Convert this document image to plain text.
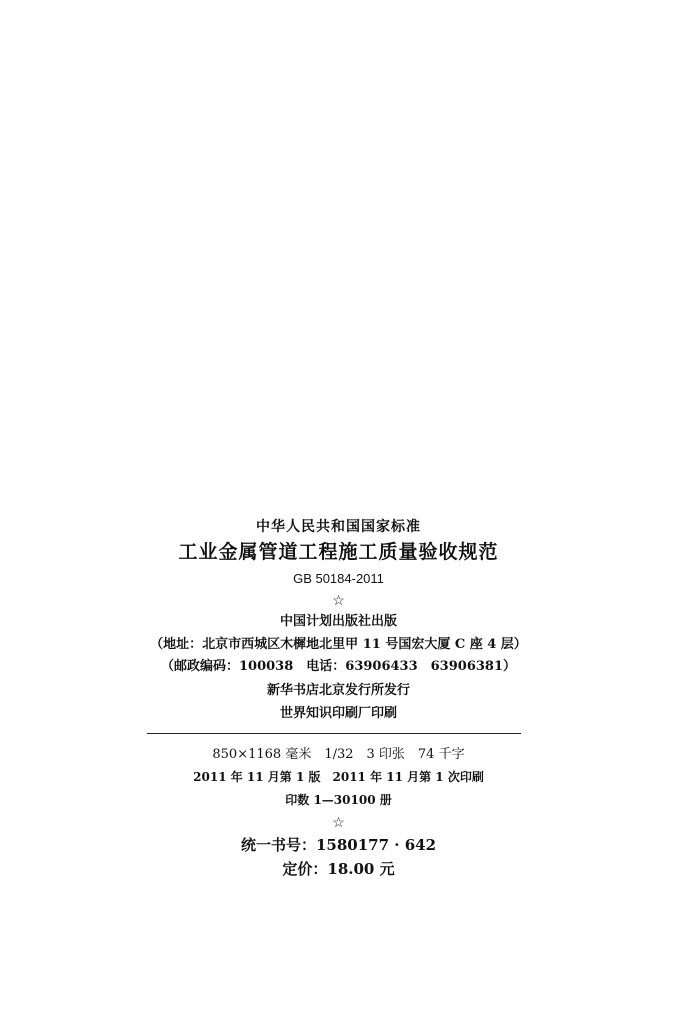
中华人民共和国国家标准
工业金属管道工程施工质量验收规范
GB 50184-2011
☆
中国计划出版社出版
（地址：北京市西城区木樨地北里甲 11 号国宏大厦 C 座 4 层）
（邮政编码：100038　电话：63906433　63906381）
新华书店北京发行所发行
世界知识印刷厂印刷
850×1168 毫米　1/32　3 印张　74 千字
2011 年 11 月第 1 版　2011 年 11 月第 1 次印刷
印数 1—30100 册
☆
统一书号：1580177 · 642
定价：18.00 元
